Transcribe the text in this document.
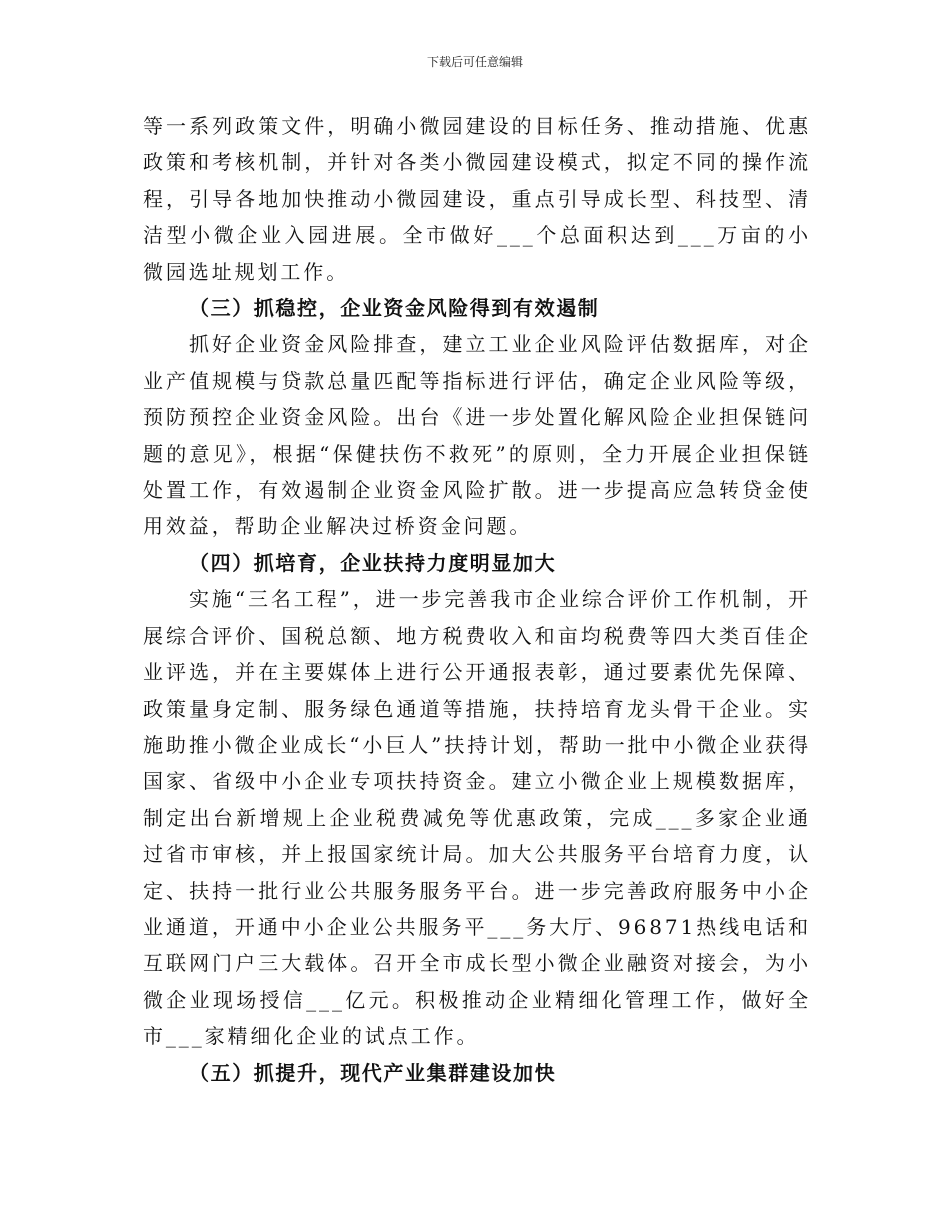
下载后可任意编辑

等一系列政策文件，明确小微园建设的目标任务、推动措施、优惠政策和考核机制，并针对各类小微园建设模式，拟定不同的操作流程，引导各地加快推动小微园建设，重点引导成长型、科技型、清洁型小微企业入园进展。全市做好___个总面积达到___万亩的小微园选址规划工作。

（三）抓稳控，企业资金风险得到有效遏制

抓好企业资金风险排查，建立工业企业风险评估数据库，对企业产值规模与贷款总量匹配等指标进行评估，确定企业风险等级，预防预控企业资金风险。出台《进一步处置化解风险企业担保链问题的意见》，根据“保健扶伤不救死”的原则，全力开展企业担保链处置工作，有效遏制企业资金风险扩散。进一步提高应急转贷金使用效益，帮助企业解决过桥资金问题。

（四）抓培育，企业扶持力度明显加大

实施“三名工程”，进一步完善我市企业综合评价工作机制，开展综合评价、国税总额、地方税费收入和亩均税费等四大类百佳企业评选，并在主要媒体上进行公开通报表彰，通过要素优先保障、政策量身定制、服务绿色通道等措施，扶持培育龙头骨干企业。实施助推小微企业成长“小巨人”扶持计划，帮助一批中小微企业获得国家、省级中小企业专项扶持资金。建立小微企业上规模数据库，制定出台新增规上企业税费减免等优惠政策，完成___多家企业通过省市审核，并上报国家统计局。加大公共服务平台培育力度，认定、扶持一批行业公共服务服务平台。进一步完善政府服务中小企业通道，开通中小企业公共服务平___务大厅、96871热线电话和互联网门户三大载体。召开全市成长型小微企业融资对接会，为小微企业现场授信___亿元。积极推动企业精细化管理工作，做好全市___家精细化企业的试点工作。

（五）抓提升，现代产业集群建设加快
